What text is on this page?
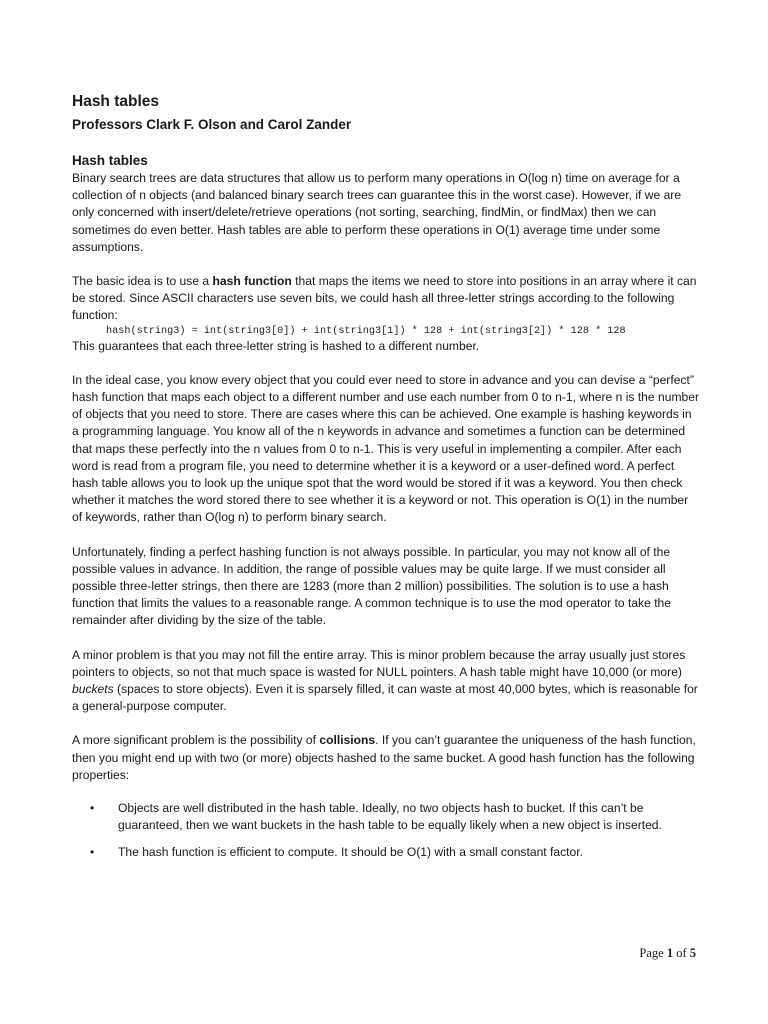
Hash tables
Professors Clark F. Olson and Carol Zander
Hash tables

Binary search trees are data structures that allow us to perform many operations in O(log n) time on average for a collection of n objects (and balanced binary search trees can guarantee this in the worst case). However, if we are only concerned with insert/delete/retrieve operations (not sorting, searching, findMin, or findMax) then we can sometimes do even better. Hash tables are able to perform these operations in O(1) average time under some assumptions.

The basic idea is to use a hash function that maps the items we need to store into positions in an array where it can be stored. Since ASCII characters use seven bits, we could hash all three-letter strings according to the following function:

hash(string3) = int(string3[0]) + int(string3[1]) * 128 + int(string3[2]) * 128 * 128

This guarantees that each three-letter string is hashed to a different number.

In the ideal case, you know every object that you could ever need to store in advance and you can devise a “perfect” hash function that maps each object to a different number and use each number from 0 to n-1, where n is the number of objects that you need to store. There are cases where this can be achieved. One example is hashing keywords in a programming language. You know all of the n keywords in advance and sometimes a function can be determined that maps these perfectly into the n values from 0 to n-1. This is very useful in implementing a compiler. After each word is read from a program file, you need to determine whether it is a keyword or a user-defined word. A perfect hash table allows you to look up the unique spot that the word would be stored if it was a keyword. You then check whether it matches the word stored there to see whether it is a keyword or not. This operation is O(1) in the number of keywords, rather than O(log n) to perform binary search.

Unfortunately, finding a perfect hashing function is not always possible. In particular, you may not know all of the possible values in advance. In addition, the range of possible values may be quite large. If we must consider all possible three-letter strings, then there are 1283 (more than 2 million) possibilities. The solution is to use a hash function that limits the values to a reasonable range. A common technique is to use the mod operator to take the remainder after dividing by the size of the table.

A minor problem is that you may not fill the entire array. This is minor problem because the array usually just stores pointers to objects, so not that much space is wasted for NULL pointers. A hash table might have 10,000 (or more) buckets (spaces to store objects). Even it is sparsely filled, it can waste at most 40,000 bytes, which is reasonable for a general-purpose computer.

A more significant problem is the possibility of collisions. If you can’t guarantee the uniqueness of the hash function, then you might end up with two (or more) objects hashed to the same bucket. A good hash function has the following properties:

• Objects are well distributed in the hash table. Ideally, no two objects hash to bucket. If this can’t be guaranteed, then we want buckets in the hash table to be equally likely when a new object is inserted.
• The hash function is efficient to compute. It should be O(1) with a small constant factor.
Page 1 of 5
